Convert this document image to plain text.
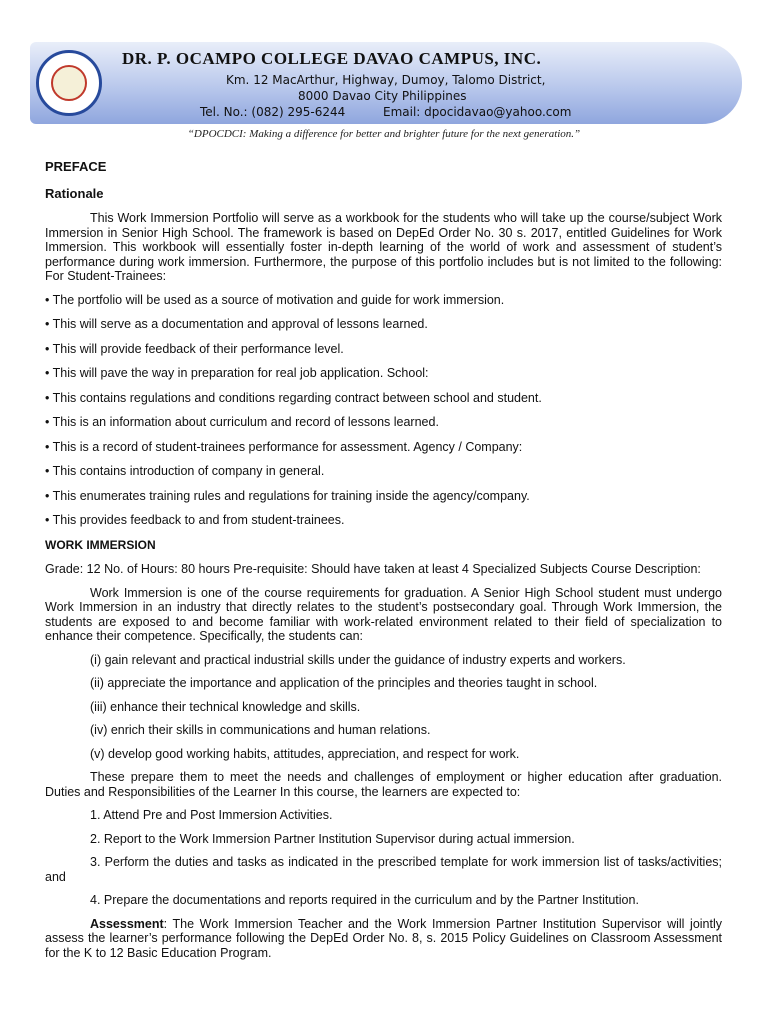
DR. P. OCAMPO COLLEGE DAVAO CAMPUS, INC.
Km. 12 MacArthur, Highway, Dumoy, Talomo District,
8000 Davao City Philippines
Tel. No.: (082) 295-6244	Email: dpocidavao@yahoo.com
“DPOCDCI: Making a difference for better and brighter future for the next generation.”
PREFACE
Rationale

This Work Immersion Portfolio will serve as a workbook for the students who will take up the course/subject Work Immersion in Senior High School. The framework is based on DepEd Order No. 30 s. 2017, entitled Guidelines for Work Immersion. This workbook will essentially foster in-depth learning of the world of work and assessment of student’s performance during work immersion. Furthermore, the purpose of this portfolio includes but is not limited to the following: For Student-Trainees:

• The portfolio will be used as a source of motivation and guide for work immersion.
• This will serve as a documentation and approval of lessons learned.
• This will provide feedback of their performance level.
• This will pave the way in preparation for real job application. School:
• This contains regulations and conditions regarding contract between school and student.
• This is an information about curriculum and record of lessons learned.
• This is a record of student-trainees performance for assessment. Agency / Company:
• This contains introduction of company in general.
• This enumerates training rules and regulations for training inside the agency/company.
• This provides feedback to and from student-trainees.
WORK IMMERSION

Grade: 12 No. of Hours: 80 hours Pre-requisite: Should have taken at least 4 Specialized Subjects Course Description:

Work Immersion is one of the course requirements for graduation. A Senior High School student must undergo Work Immersion in an industry that directly relates to the student’s postsecondary goal. Through Work Immersion, the students are exposed to and become familiar with work-related environment related to their field of specialization to enhance their competence. Specifically, the students can:

(i) gain relevant and practical industrial skills under the guidance of industry experts and workers.
(ii) appreciate the importance and application of the principles and theories taught in school.
(iii) enhance their technical knowledge and skills.
(iv) enrich their skills in communications and human relations.
(v) develop good working habits, attitudes, appreciation, and respect for work.

These prepare them to meet the needs and challenges of employment or higher education after graduation. Duties and Responsibilities of the Learner In this course, the learners are expected to:

1. Attend Pre and Post Immersion Activities.
2. Report to the Work Immersion Partner Institution Supervisor during actual immersion.

3. Perform the duties and tasks as indicated in the prescribed template for work immersion list of tasks/activities; and

4. Prepare the documentations and reports required in the curriculum and by the Partner Institution.

Assessment: The Work Immersion Teacher and the Work Immersion Partner Institution Supervisor will jointly assess the learner’s performance following the DepEd Order No. 8, s. 2015 Policy Guidelines on Classroom Assessment for the K to 12 Basic Education Program.
